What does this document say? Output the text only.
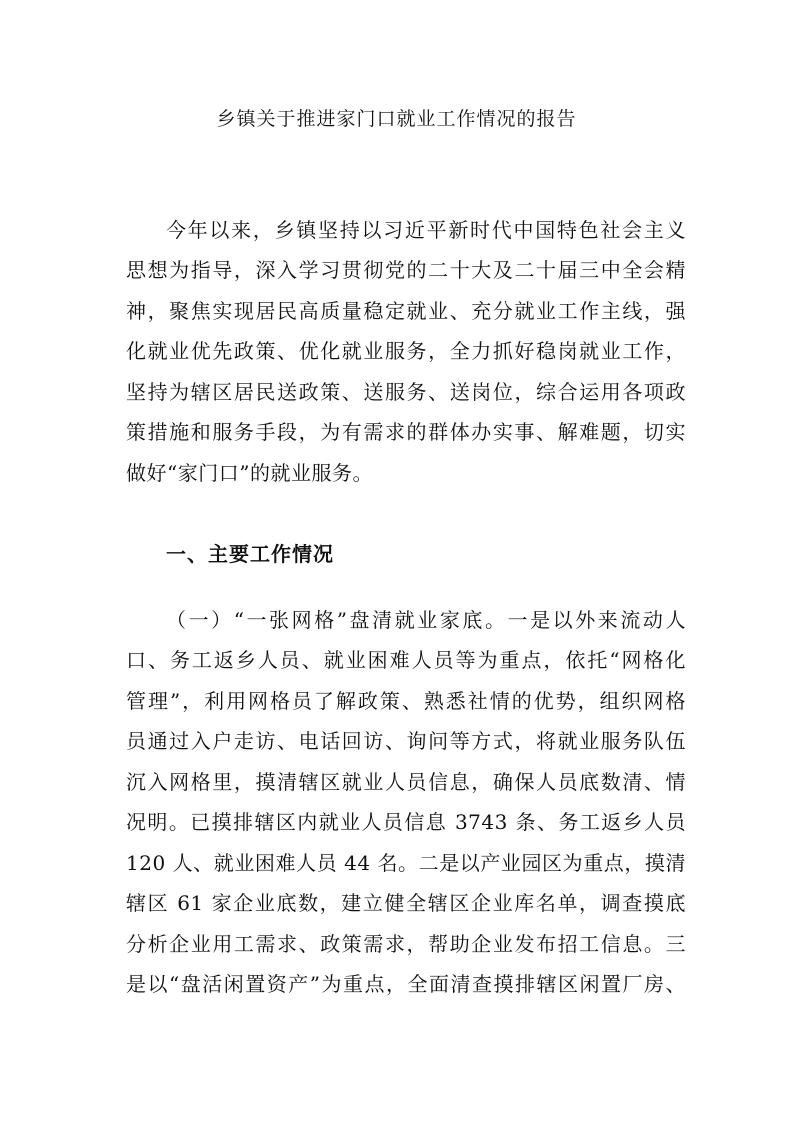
乡镇关于推进家门口就业工作情况的报告
今年以来，乡镇坚持以习近平新时代中国特色社会主义
思想为指导，深入学习贯彻党的二十大及二十届三中全会精
神，聚焦实现居民高质量稳定就业、充分就业工作主线，强
化就业优先政策、优化就业服务，全力抓好稳岗就业工作，
坚持为辖区居民送政策、送服务、送岗位，综合运用各项政
策措施和服务手段，为有需求的群体办实事、解难题，切实
做好“家门口”的就业服务。
一、主要工作情况
（一）“一张网格”盘清就业家底。一是以外来流动人
口、务工返乡人员、就业困难人员等为重点，依托“网格化
管理”，利用网格员了解政策、熟悉社情的优势，组织网格
员通过入户走访、电话回访、询问等方式，将就业服务队伍
沉入网格里，摸清辖区就业人员信息，确保人员底数清、情
况明。已摸排辖区内就业人员信息 3743 条、务工返乡人员
120 人、就业困难人员 44 名。二是以产业园区为重点，摸清
辖区 61 家企业底数，建立健全辖区企业库名单，调查摸底
分析企业用工需求、政策需求，帮助企业发布招工信息。三
是以“盘活闲置资产”为重点，全面清查摸排辖区闲置厂房、
